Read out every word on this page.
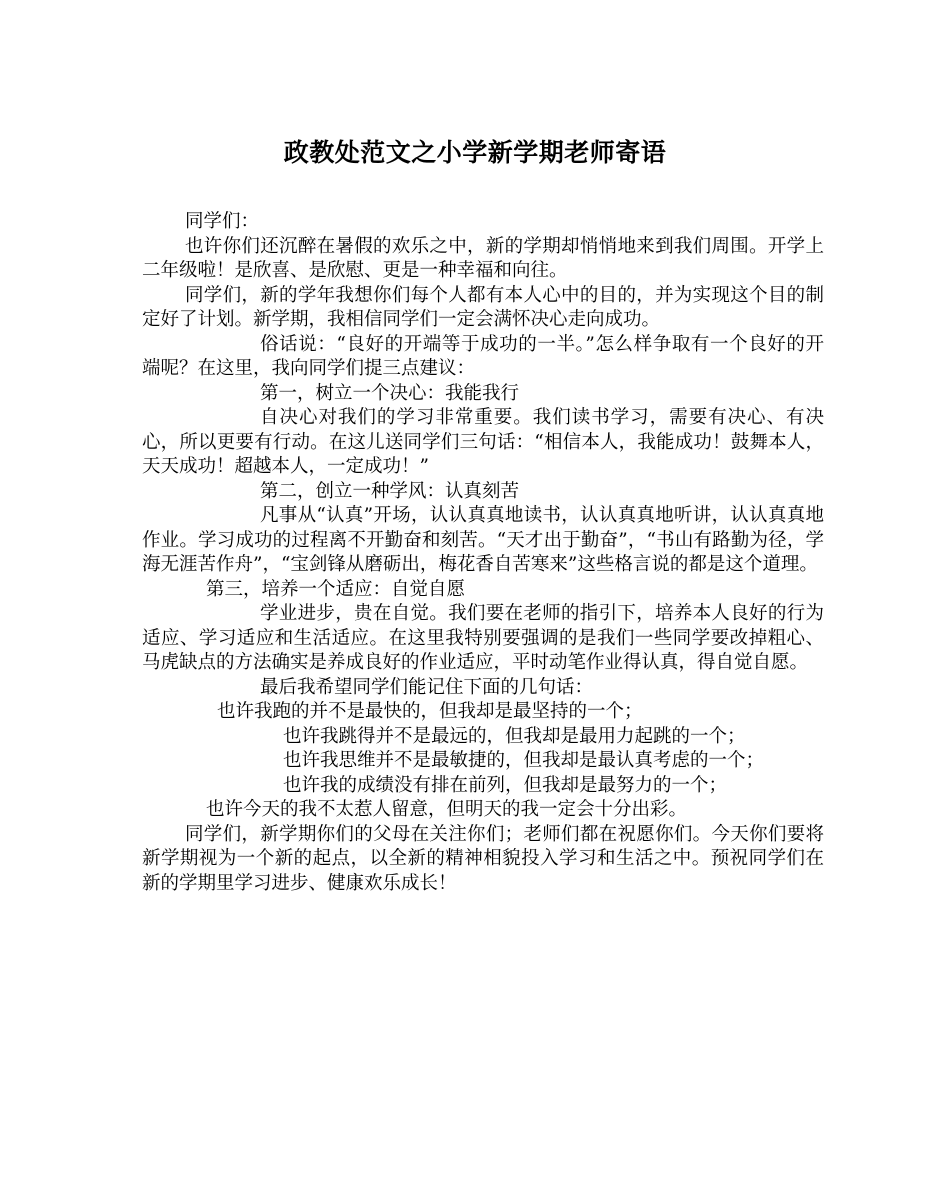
政教处范文之小学新学期老师寄语

同学们：

也许你们还沉醉在暑假的欢乐之中，新的学期却悄悄地来到我们周围。开学上二年级啦！是欣喜、是欣慰、更是一种幸福和向往。

同学们，新的学年我想你们每个人都有本人心中的目的，并为实现这个目的制定好了计划。新学期，我相信同学们一定会满怀决心走向成功。

俗话说：“良好的开端等于成功的一半。”怎么样争取有一个良好的开端呢？在这里，我向同学们提三点建议：

第一，树立一个决心：我能我行

自决心对我们的学习非常重要。我们读书学习，需要有决心、有决心，所以更要有行动。在这儿送同学们三句话：“相信本人，我能成功！鼓舞本人，天天成功！超越本人，一定成功！”

第二，创立一种学风：认真刻苦

凡事从“认真”开场，认认真真地读书，认认真真地听讲，认认真真地作业。学习成功的过程离不开勤奋和刻苦。“天才出于勤奋”，“书山有路勤为径，学海无涯苦作舟”，“宝剑锋从磨砺出，梅花香自苦寒来”这些格言说的都是这个道理。

第三，培养一个适应：自觉自愿

学业进步，贵在自觉。我们要在老师的指引下，培养本人良好的行为适应、学习适应和生活适应。在这里我特别要强调的是我们一些同学要改掉粗心、马虎缺点的方法确实是养成良好的作业适应，平时动笔作业得认真，得自觉自愿。

最后我希望同学们能记住下面的几句话：

也许我跑的并不是最快的，但我却是最坚持的一个；

也许我跳得并不是最远的，但我却是最用力起跳的一个；

也许我思维并不是最敏捷的，但我却是最认真考虑的一个；

也许我的成绩没有排在前列，但我却是最努力的一个；

也许今天的我不太惹人留意，但明天的我一定会十分出彩。

同学们，新学期你们的父母在关注你们；老师们都在祝愿你们。今天你们要将新学期视为一个新的起点，以全新的精神相貌投入学习和生活之中。预祝同学们在新的学期里学习进步、健康欢乐成长！
